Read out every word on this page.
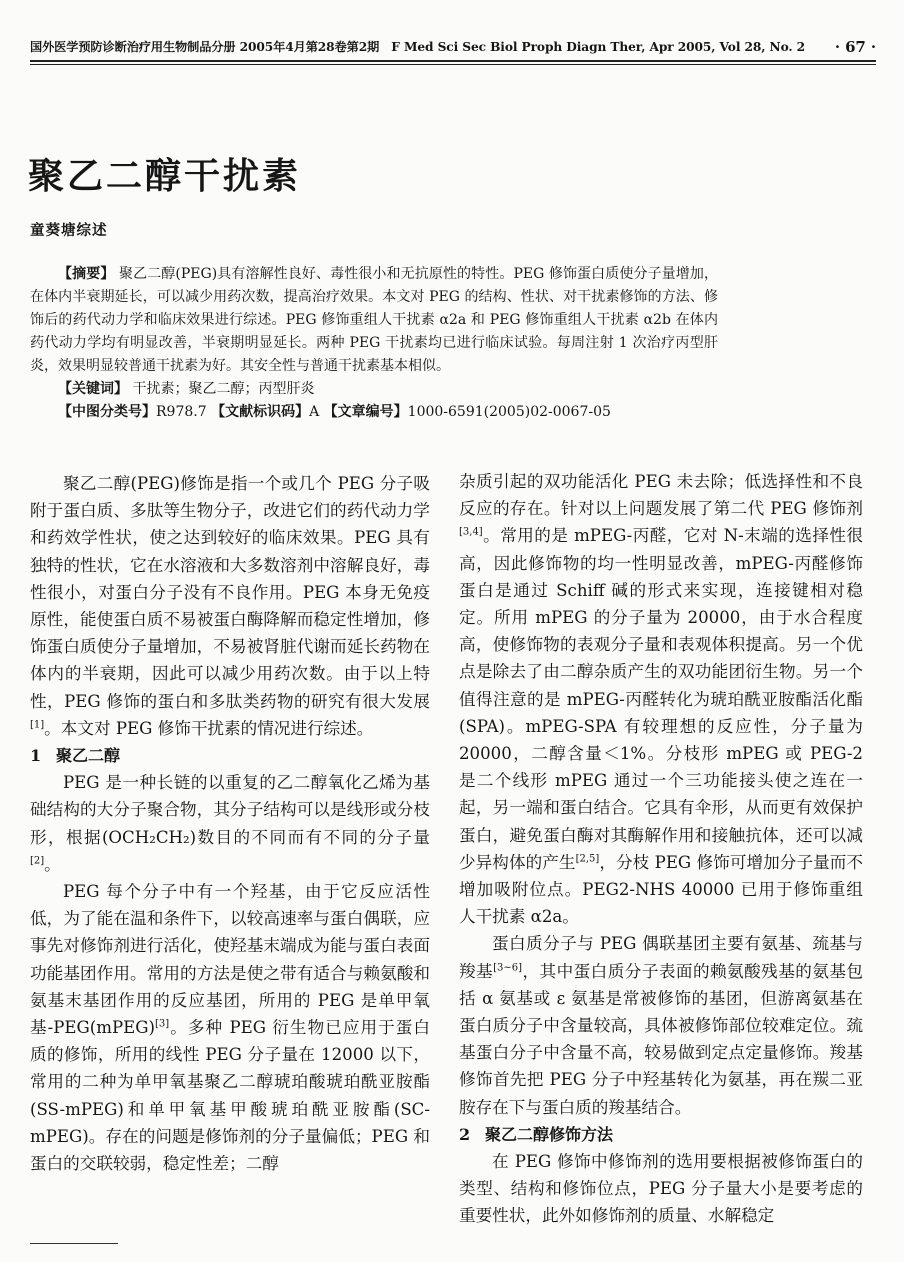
国外医学预防诊断治疗用生物制品分册 2005年4月第28卷第2期　F Med Sci Sec Biol Proph Diagn Ther, Apr 2005, Vol 28, No. 2 · 67 ·
聚乙二醇干扰素
童葵塘综述

【摘要】 聚乙二醇(PEG)具有溶解性良好、毒性很小和无抗原性的特性。PEG 修饰蛋白质使分子量增加，在体内半衰期延长，可以减少用药次数，提高治疗效果。本文对 PEG 的结构、性状、对干扰素修饰的方法、修饰后的药代动力学和临床效果进行综述。PEG 修饰重组人干扰素 α2a 和 PEG 修饰重组人干扰素 α2b 在体内药代动力学均有明显改善，半衰期明显延长。两种 PEG 干扰素均已进行临床试验。每周注射 1 次治疗丙型肝炎，效果明显较普通干扰素为好。其安全性与普通干扰素基本相似。

【关键词】 干扰素；聚乙二醇；丙型肝炎

【中图分类号】R978.7 【文献标识码】A 【文章编号】1000-6591(2005)02-0067-05

聚乙二醇(PEG)修饰是指一个或几个 PEG 分子吸附于蛋白质、多肽等生物分子，改进它们的药代动力学和药效学性状，使之达到较好的临床效果。PEG 具有独特的性状，它在水溶液和大多数溶剂中溶解良好，毒性很小，对蛋白分子没有不良作用。PEG 本身无免疫原性，能使蛋白质不易被蛋白酶降解而稳定性增加，修饰蛋白质使分子量增加，不易被肾脏代谢而延长药物在体内的半衰期，因此可以减少用药次数。由于以上特性，PEG 修饰的蛋白和多肽类药物的研究有很大发展[1]。本文对 PEG 修饰干扰素的情况进行综述。

1 聚乙二醇

PEG 是一种长链的以重复的乙二醇氧化乙烯为基础结构的大分子聚合物，其分子结构可以是线形或分枝形，根据(OCH₂CH₂)数目的不同而有不同的分子量[2]。

PEG 每个分子中有一个羟基，由于它反应活性低，为了能在温和条件下，以较高速率与蛋白偶联，应事先对修饰剂进行活化，使羟基末端成为能与蛋白表面功能基团作用。常用的方法是使之带有适合与赖氨酸和氨基末基团作用的反应基团，所用的 PEG 是单甲氧基-PEG(mPEG)[3]。多种 PEG 衍生物已应用于蛋白质的修饰，所用的线性 PEG 分子量在 12000 以下，常用的二种为单甲氧基聚乙二醇琥珀酸琥珀酰亚胺酯(SS-mPEG)和单甲氧基甲酸琥珀酰亚胺酯(SC-mPEG)。存在的问题是修饰剂的分子量偏低；PEG 和蛋白的交联较弱，稳定性差；二醇

杂质引起的双功能活化 PEG 未去除；低选择性和不良反应的存在。针对以上问题发展了第二代 PEG 修饰剂[3,4]。常用的是 mPEG-丙醛，它对 N-末端的选择性很高，因此修饰物的均一性明显改善，mPEG-丙醛修饰蛋白是通过 Schiff 碱的形式来实现，连接键相对稳定。所用 mPEG 的分子量为 20000，由于水合程度高，使修饰物的表观分子量和表观体积提高。另一个优点是除去了由二醇杂质产生的双功能团衍生物。另一个值得注意的是 mPEG-丙醛转化为琥珀酰亚胺酯活化酯(SPA)。mPEG-SPA 有较理想的反应性，分子量为 20000，二醇含量＜1%。分枝形 mPEG 或 PEG-2 是二个线形 mPEG 通过一个三功能接头使之连在一起，另一端和蛋白结合。它具有伞形，从而更有效保护蛋白，避免蛋白酶对其酶解作用和接触抗体，还可以减少异构体的产生[2,5]，分枝 PEG 修饰可增加分子量而不增加吸附位点。PEG2-NHS 40000 已用于修饰重组人干扰素 α2a。

蛋白质分子与 PEG 偶联基团主要有氨基、巯基与羧基[3~6]，其中蛋白质分子表面的赖氨酸残基的氨基包括 α 氨基或 ε 氨基是常被修饰的基团，但游离氨基在蛋白质分子中含量较高，具体被修饰部位较难定位。巯基蛋白分子中含量不高，较易做到定点定量修饰。羧基修饰首先把 PEG 分子中羟基转化为氨基，再在羰二亚胺存在下与蛋白质的羧基结合。

2 聚乙二醇修饰方法

在 PEG 修饰中修饰剂的选用要根据被修饰蛋白的类型、结构和修饰位点，PEG 分子量大小是要考虑的重要性状，此外如修饰剂的质量、水解稳定
